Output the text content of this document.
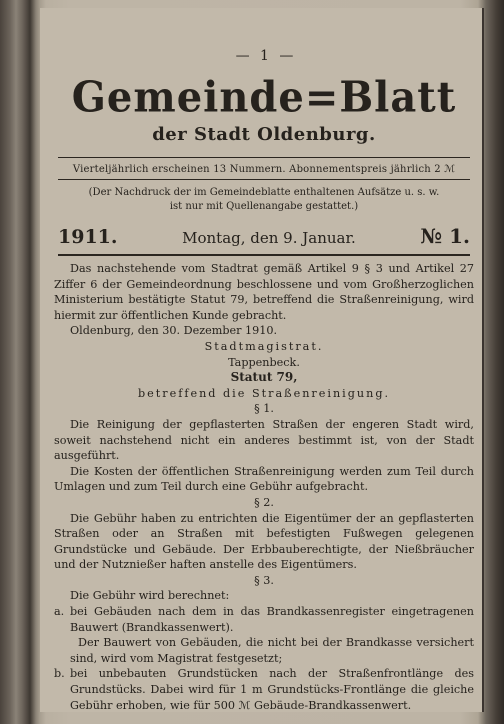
— 1 —
Gemeinde=Blatt
der Stadt Oldenburg.
Vierteljährlich erscheinen 13 Nummern. Abonnementspreis jährlich 2 ℳ
(Der Nachdruck der im Gemeindeblatte enthaltenen Aufsätze u. s. w.
ist nur mit Quellenangabe gestattet.)
1911.	Montag, den 9. Januar.	№ 1.

Das nachstehende vom Stadtrat gemäß Artikel 9 § 3 und Artikel 27 Ziffer 6 der Gemeindeordnung beschlossene und vom Großherzoglichen Ministerium bestätigte Statut 79, betreffend die Straßenreinigung, wird hiermit zur öffentlichen Kunde gebracht.

Oldenburg, den 30. Dezember 1910.

Stadtmagistrat.

Tappenbeck.

Statut 79,

betreffend die Straßenreinigung.

§ 1.

Die Reinigung der gepflasterten Straßen der engeren Stadt wird, soweit nachstehend nicht ein anderes bestimmt ist, von der Stadt ausgeführt.

Die Kosten der öffentlichen Straßenreinigung werden zum Teil durch Umlagen und zum Teil durch eine Gebühr aufgebracht.

§ 2.

Die Gebühr haben zu entrichten die Eigentümer der an gepflasterten Straßen oder an Straßen mit befestigten Fußwegen gelegenen Grundstücke und Gebäude. Der Erbbauberechtigte, der Nießbräucher und der Nutznießer haften anstelle des Eigentümers.

§ 3.

Die Gebühr wird berechnet:

a. bei Gebäuden nach dem in das Brandkassenregister eingetragenen Bauwert (Brandkassenwert).
Der Bauwert von Gebäuden, die nicht bei der Brandkasse versichert sind, wird vom Magistrat festgesetzt;
b. bei unbebauten Grundstücken nach der Straßenfrontlänge des Grundstücks. Dabei wird für 1 m Grundstücks-Frontlänge die gleiche Gebühr erhoben, wie für 500 ℳ Gebäude-Brandkassenwert.
